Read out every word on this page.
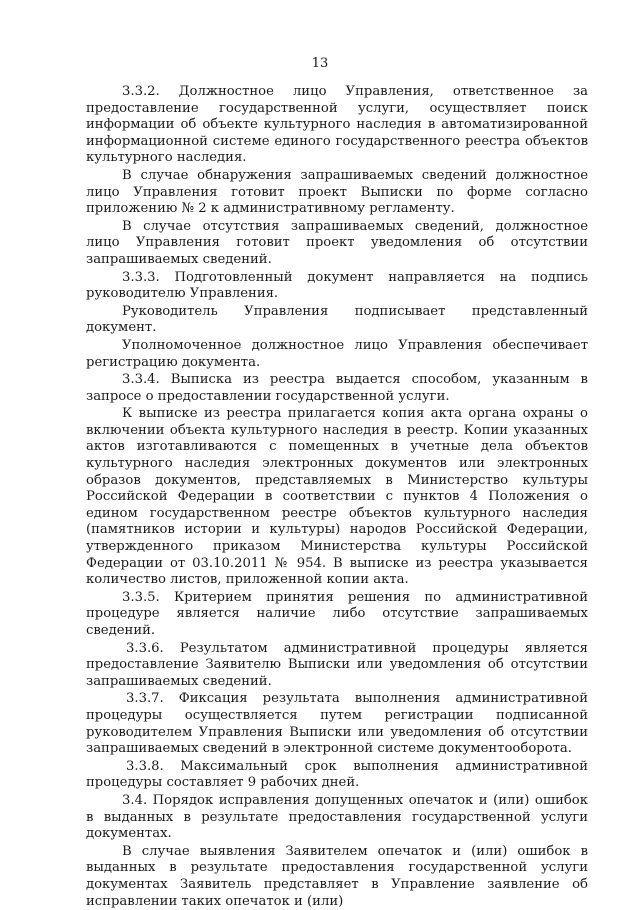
13

3.3.2. Должностное лицо Управления, ответственное за предоставление государственной услуги, осуществляет поиск информации об объекте культурного наследия в автоматизированной информационной системе единого государственного реестра объектов культурного наследия.

В случае обнаружения запрашиваемых сведений должностное лицо Управления готовит проект Выписки по форме согласно приложению № 2 к административному регламенту.

В случае отсутствия запрашиваемых сведений, должностное лицо Управления готовит проект уведомления об отсутствии запрашиваемых сведений.

3.3.3. Подготовленный документ направляется на подпись руководителю Управления.

Руководитель Управления подписывает представленный документ.

Уполномоченное должностное лицо Управления обеспечивает регистрацию документа.

3.3.4. Выписка из реестра выдается способом, указанным в запросе о предоставлении государственной услуги.

К выписке из реестра прилагается копия акта органа охраны о включении объекта культурного наследия в реестр. Копии указанных актов изготавливаются с помещенных в учетные дела объектов культурного наследия электронных документов или электронных образов документов, представляемых в Министерство культуры Российской Федерации в соответствии с пунктов 4 Положения о едином государственном реестре объектов культурного наследия (памятников истории и культуры) народов Российской Федерации, утвержденного приказом Министерства культуры Российской Федерации от 03.10.2011 № 954. В выписке из реестра указывается количество листов, приложенной копии акта.

3.3.5. Критерием принятия решения по административной процедуре является наличие либо отсутствие запрашиваемых сведений.

3.3.6. Результатом административной процедуры является предоставление Заявителю Выписки или уведомления об отсутствии запрашиваемых сведений.

3.3.7. Фиксация результата выполнения административной процедуры осуществляется путем регистрации подписанной руководителем Управления Выписки или уведомления об отсутствии запрашиваемых сведений в электронной системе документооборота.

3.3.8. Максимальный срок выполнения административной процедуры составляет 9 рабочих дней.

3.4. Порядок исправления допущенных опечаток и (или) ошибок в выданных в результате предоставления государственной услуги документах.

В случае выявления Заявителем опечаток и (или) ошибок в выданных в результате предоставления государственной услуги документах Заявитель представляет в Управление заявление об исправлении таких опечаток и (или)
